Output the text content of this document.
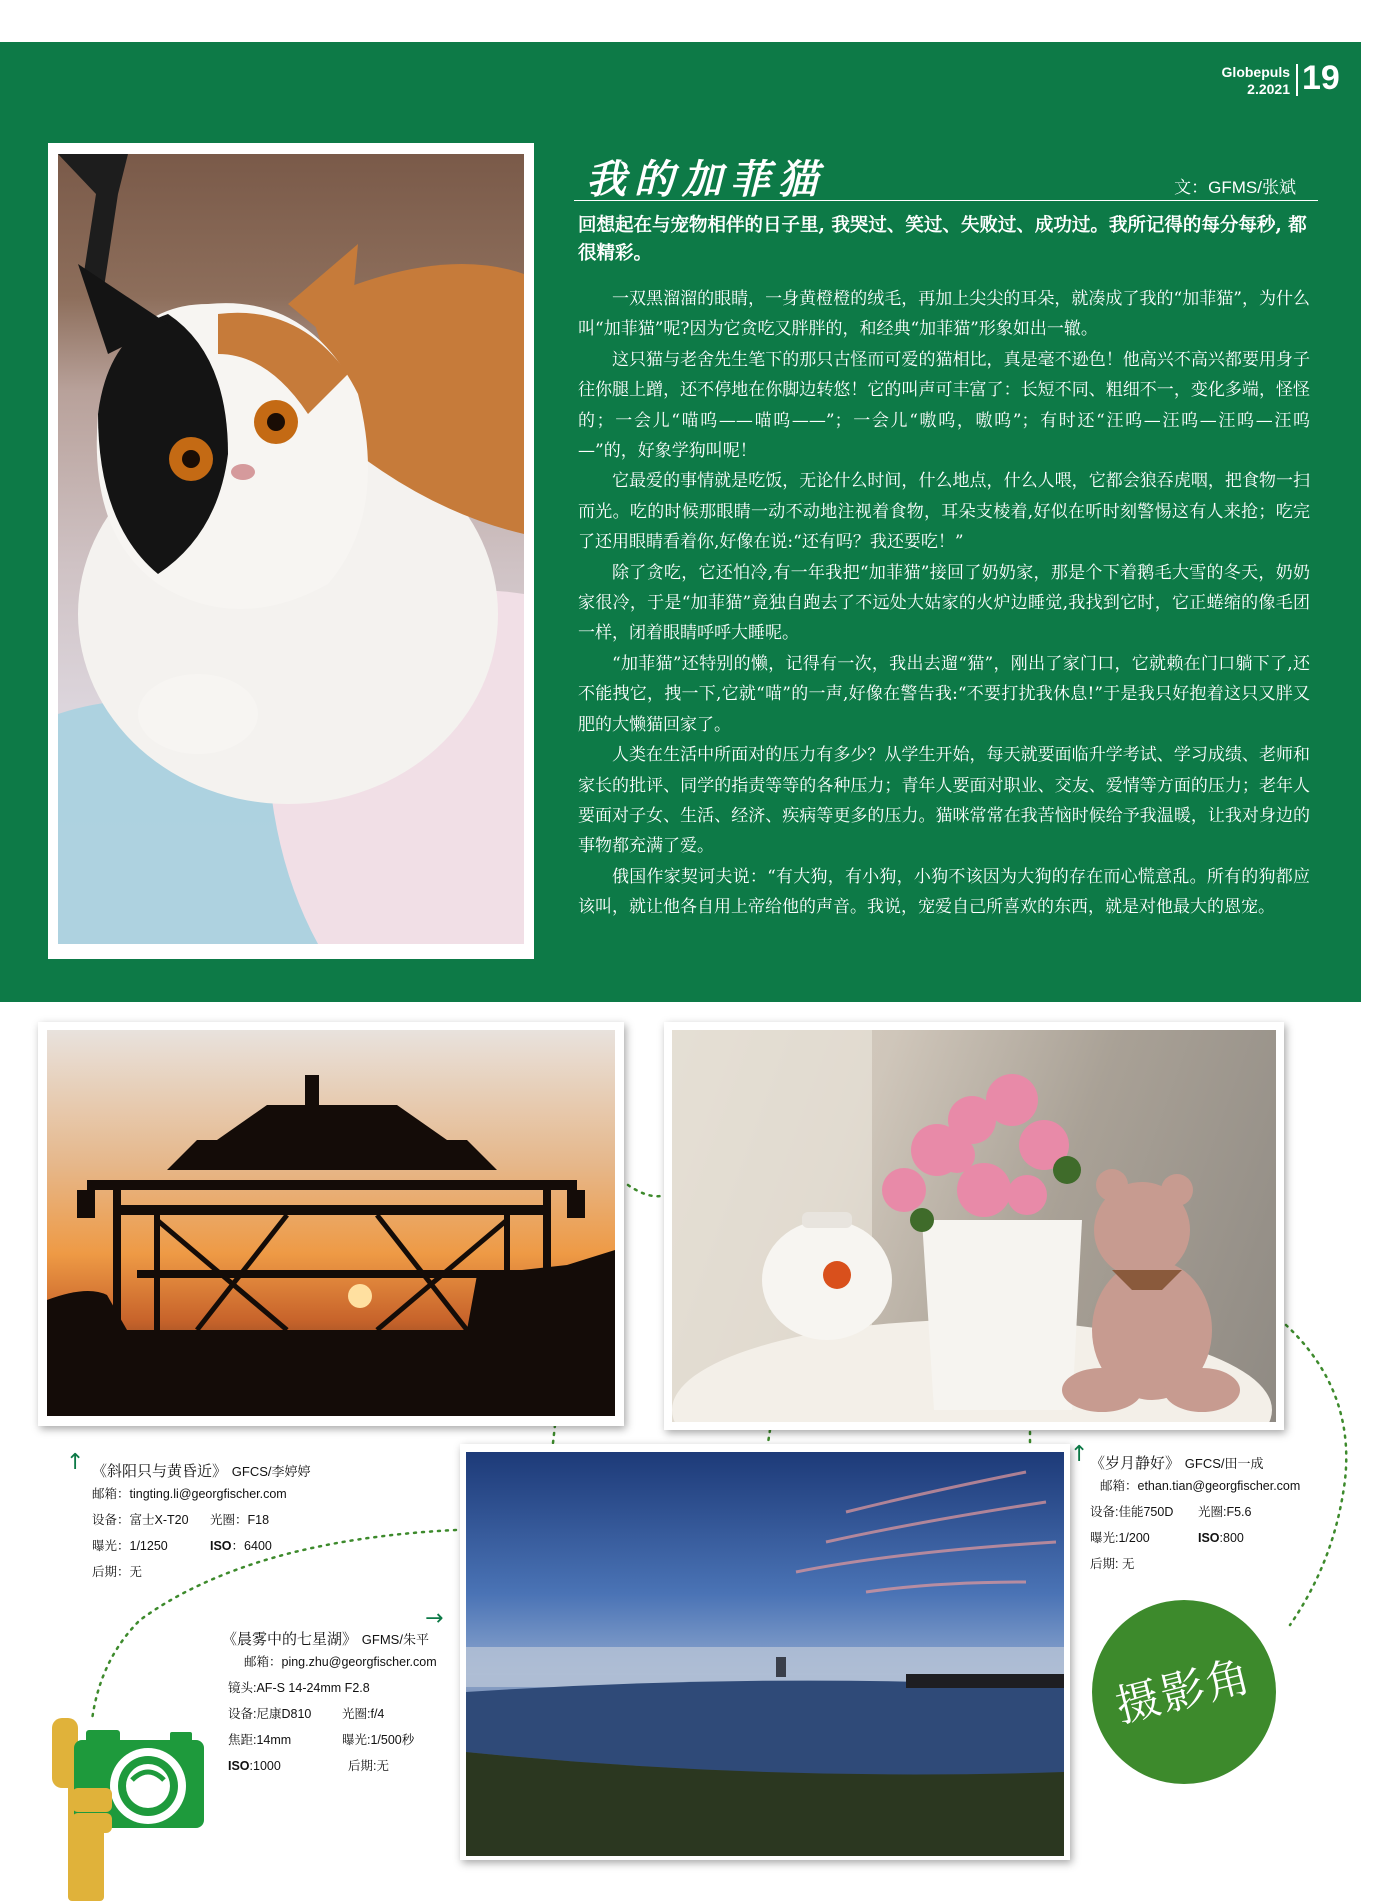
Globepuls
2.2021 19
我的加菲猫	文：GFMS/张斌
回想起在与宠物相伴的日子里, 我哭过、笑过、失败过、成功过。我所记得的每分每秒, 都很精彩。

一双黑溜溜的眼睛，一身黄橙橙的绒毛，再加上尖尖的耳朵，就凑成了我的“加菲猫”，为什么叫“加菲猫”呢?因为它贪吃又胖胖的，和经典“加菲猫”形象如出一辙。

这只猫与老舍先生笔下的那只古怪而可爱的猫相比，真是毫不逊色！他高兴不高兴都要用身子往你腿上蹭，还不停地在你脚边转悠！它的叫声可丰富了：长短不同、粗细不一，变化多端，怪怪的；一会儿“喵呜——喵呜——”；一会儿“嗷呜，嗷呜”；有时还“汪呜—汪呜—汪呜—汪呜—”的，好象学狗叫呢！

它最爱的事情就是吃饭，无论什么时间，什么地点，什么人喂，它都会狼吞虎咽，把食物一扫而光。吃的时候那眼睛一动不动地注视着食物，耳朵支棱着,好似在听时刻警惕这有人来抢；吃完了还用眼睛看着你,好像在说:“还有吗？我还要吃！”

除了贪吃，它还怕冷,有一年我把“加菲猫”接回了奶奶家，那是个下着鹅毛大雪的冬天，奶奶家很冷，于是“加菲猫”竟独自跑去了不远处大姑家的火炉边睡觉,我找到它时，它正蜷缩的像毛团一样，闭着眼睛呼呼大睡呢。

“加菲猫”还特别的懒，记得有一次，我出去遛“猫”，刚出了家门口，它就赖在门口躺下了,还不能拽它，拽一下,它就“喵”的一声,好像在警告我:“不要打扰我休息!”于是我只好抱着这只又胖又肥的大懒猫回家了。

人类在生活中所面对的压力有多少？从学生开始，每天就要面临升学考试、学习成绩、老师和家长的批评、同学的指责等等的各种压力；青年人要面对职业、交友、爱情等方面的压力；老年人要面对子女、生活、经济、疾病等更多的压力。猫咪常常在我苦恼时候给予我温暖，让我对身边的事物都充满了爱。

俄国作家契诃夫说：“有大狗，有小狗，小狗不该因为大狗的存在而心慌意乱。所有的狗都应该叫，就让他各自用上帝给他的声音。我说，宠爱自己所喜欢的东西，就是对他最大的恩宠。

↑ 《斜阳只与黄昏近》 GFCS/李婷婷
邮箱：tingting.li@georgfischer.com
设备：富士X-T20 光圈：F18
曝光：1/1250	ISO：6400
后期：无
↑ 《岁月静好》 GFCS/田一成
邮箱：ethan.tian@georgfischer.com
设备:佳能750D 光圈:F5.6
曝光:1/200	ISO:800
后期: 无
→
《晨雾中的七星湖》 GFMS/朱平
邮箱：ping.zhu@georgfischer.com
镜头:AF-S 14-24mm F2.8
设备:尼康D810 光圈:f/4
焦距:14mm	曝光:1/500秒
ISO:1000	后期:无
摄影角
